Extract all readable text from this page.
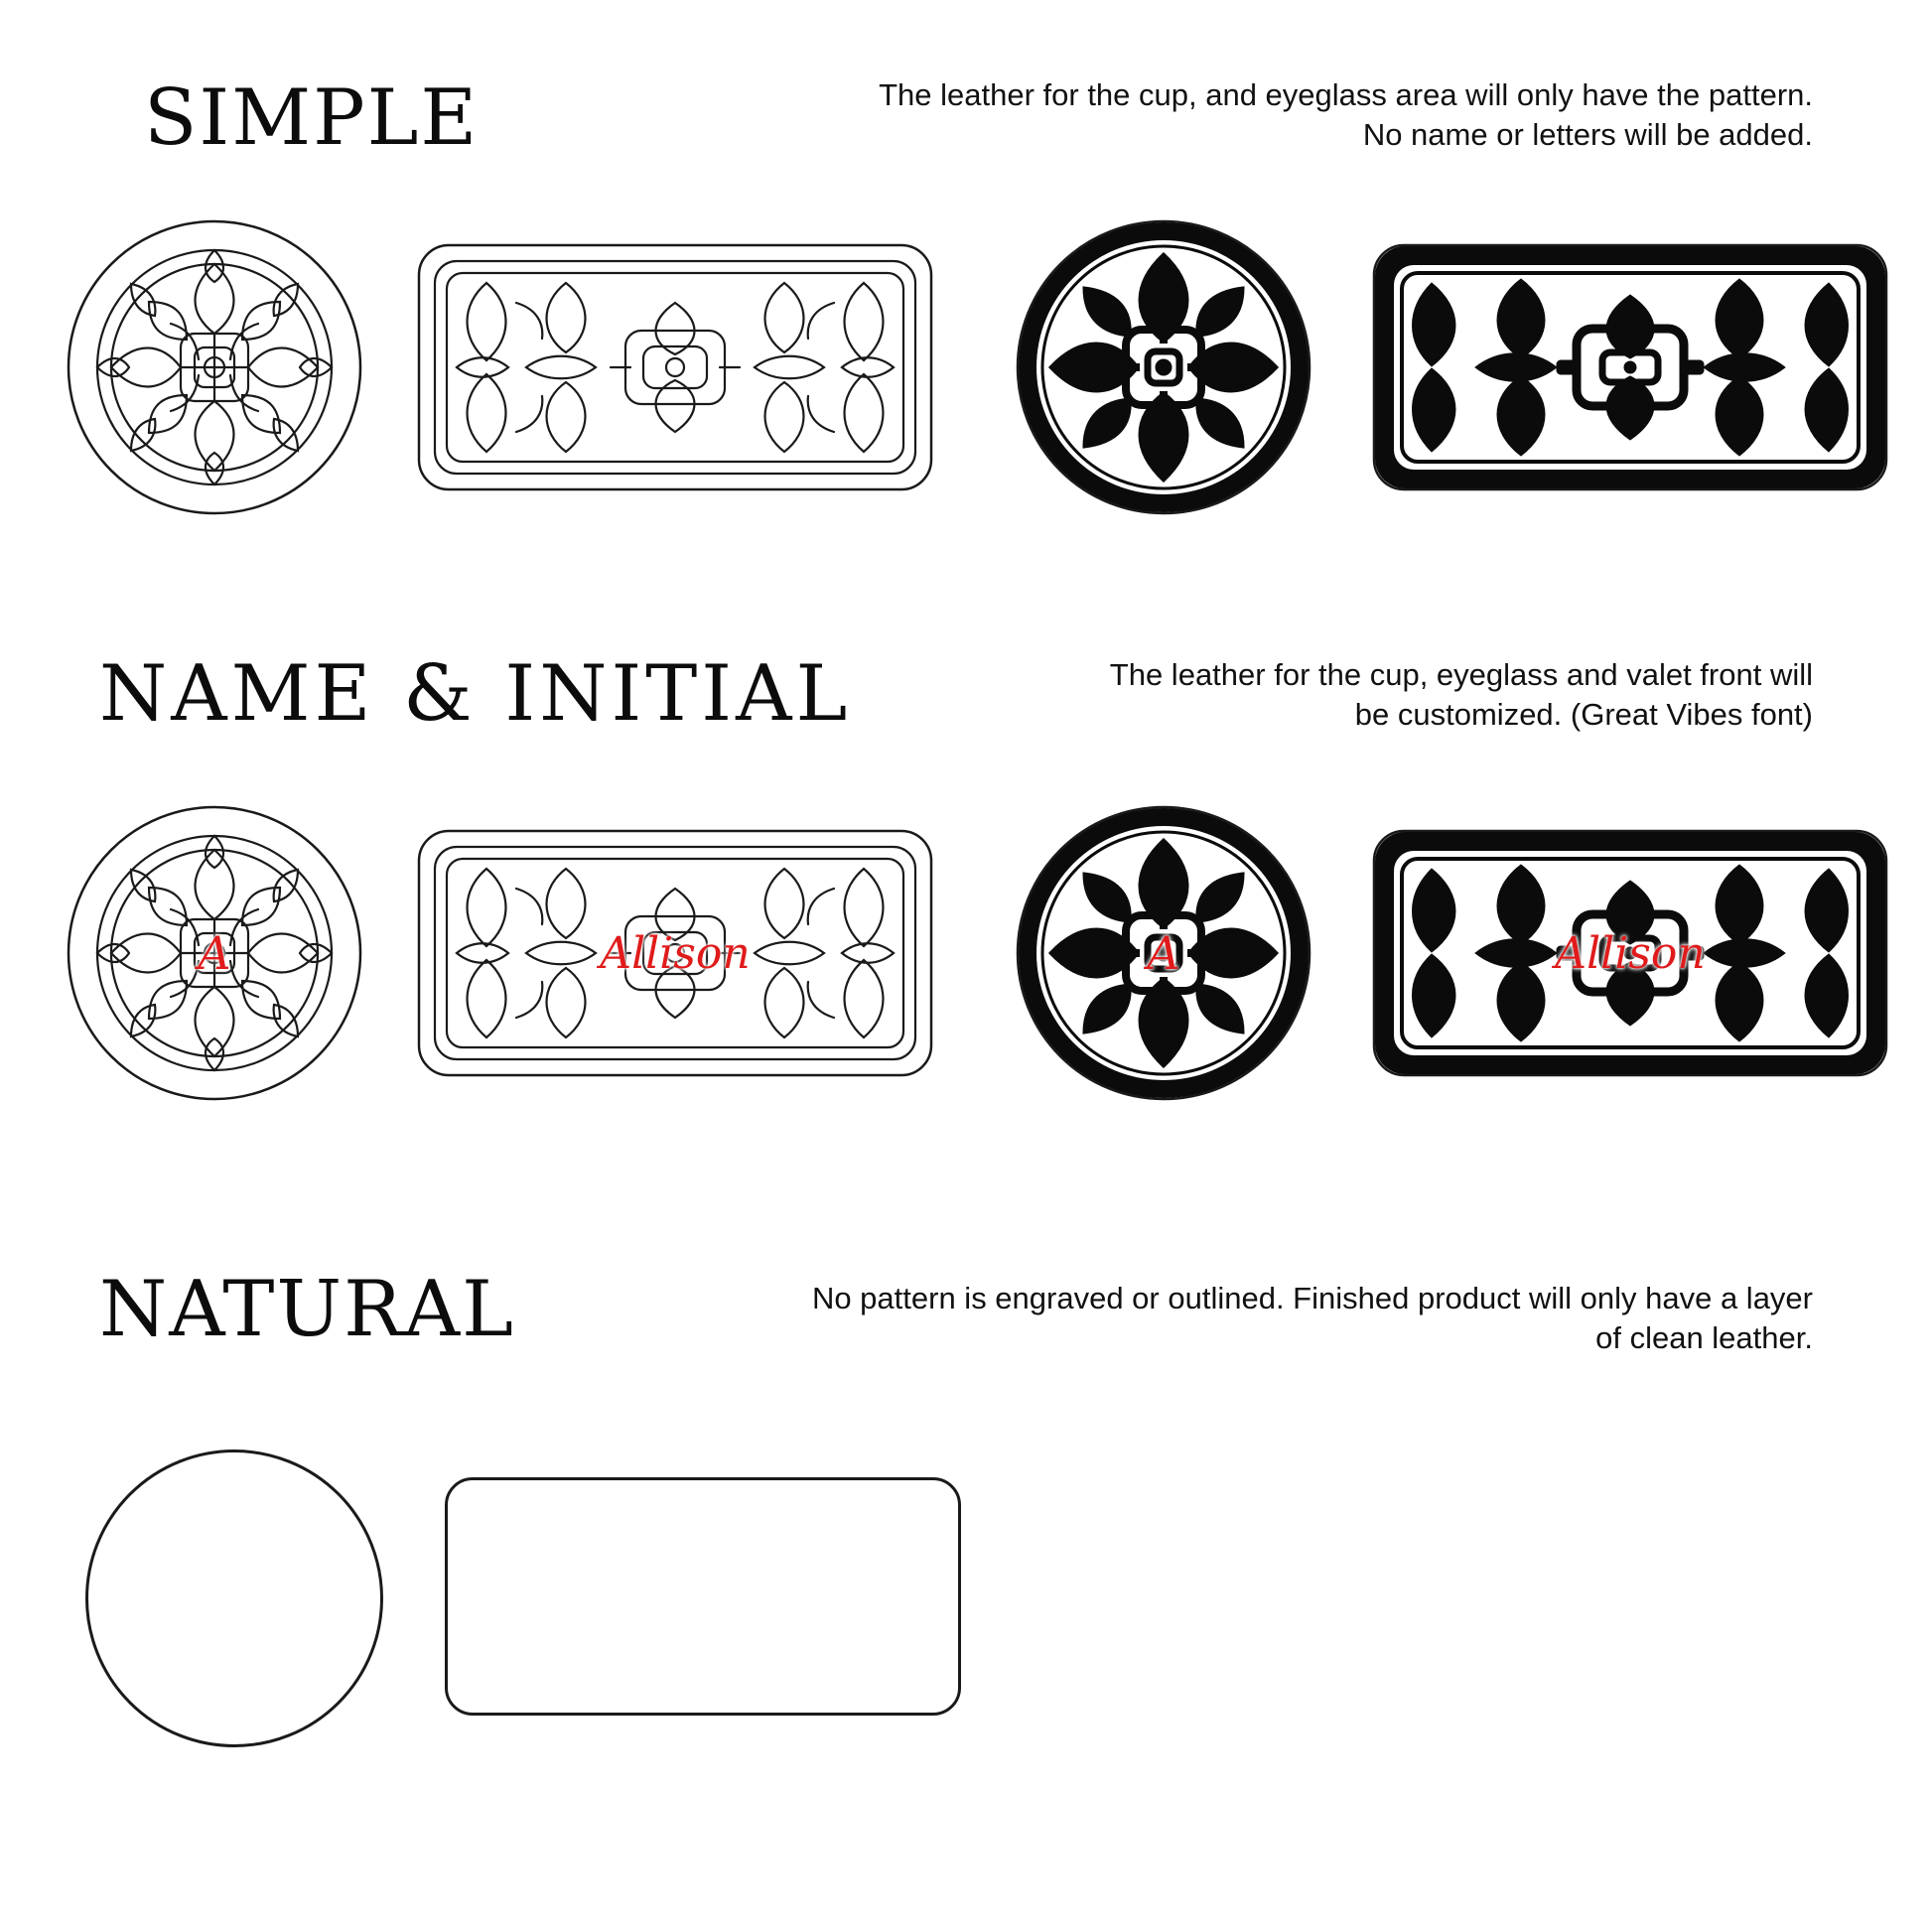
SIMPLE	The leather for the cup, and eyeglass area will only have the pattern. No name or letters will be added.
NAME & INITIAL	The leather for the cup, eyeglass and valet front will be customized. (Great Vibes font)
A	Allison	A	Allison
NATURAL	No pattern is engraved or outlined. Finished product will only have a layer of clean leather.
